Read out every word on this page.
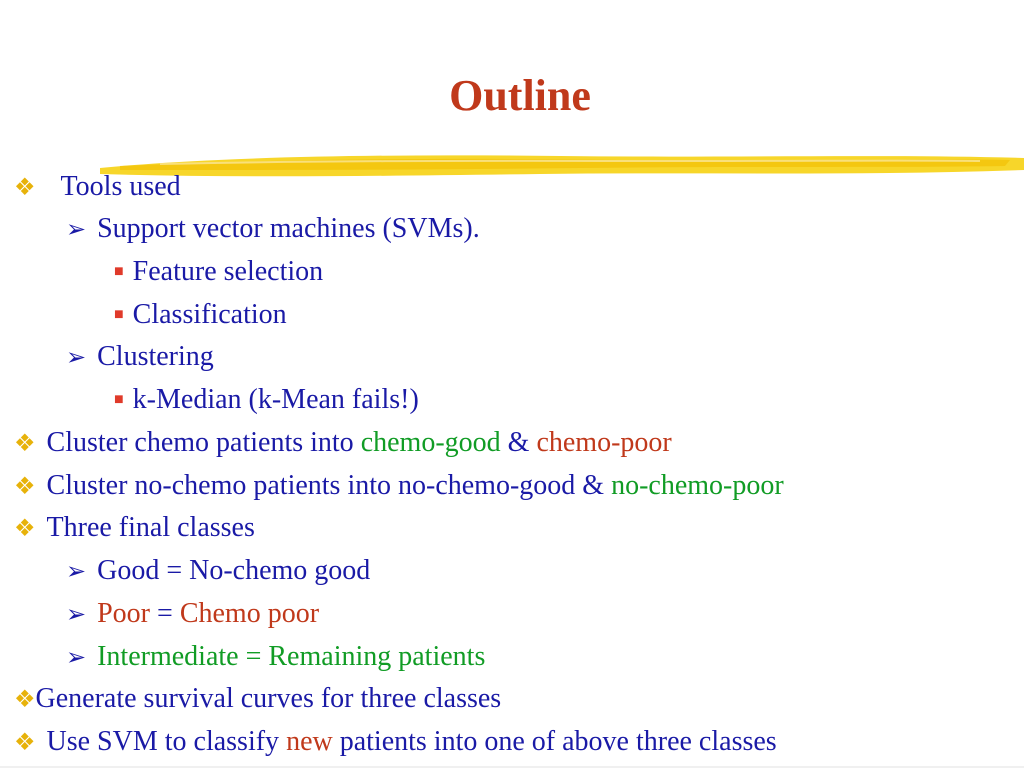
Outline
❖ Tools used
➢ Support vector machines (SVMs).
■ Feature selection
■ Classification
➢ Clustering
■ k-Median (k-Mean fails!)
❖ Cluster chemo patients into chemo-good & chemo-poor
❖ Cluster no-chemo patients into no-chemo-good & no-chemo-poor
❖ Three final classes
➢ Good = No-chemo good
➢ Poor = Chemo poor
➢ Intermediate = Remaining patients
❖Generate survival curves for three classes
❖ Use SVM to classify new patients into one of above three classes
